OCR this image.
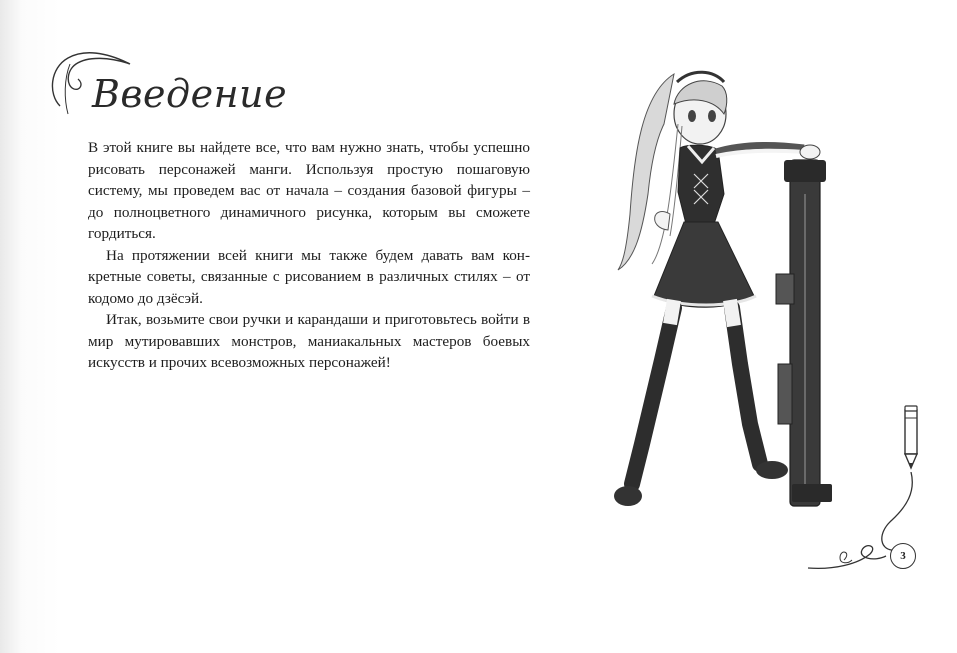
Введение

В этой книге вы найдете все, что вам нужно знать, чтобы успешно рисовать персонажей манги. Используя простую пошаговую систему, мы проведем вас от начала – создания базовой фигуры – до полноцветного динамичного рисунка, которым вы сможете гордиться.

На протяжении всей книги мы также будем давать вам конкретные советы, связанные с рисованием в различных стилях – от кодомо до дзёсэй.

Итак, возьмите свои ручки и карандаши и приготовьтесь войти в мир мутировавших монстров, маниакальных мастеров боевых искусств и прочих всевозможных персонажей!

3
